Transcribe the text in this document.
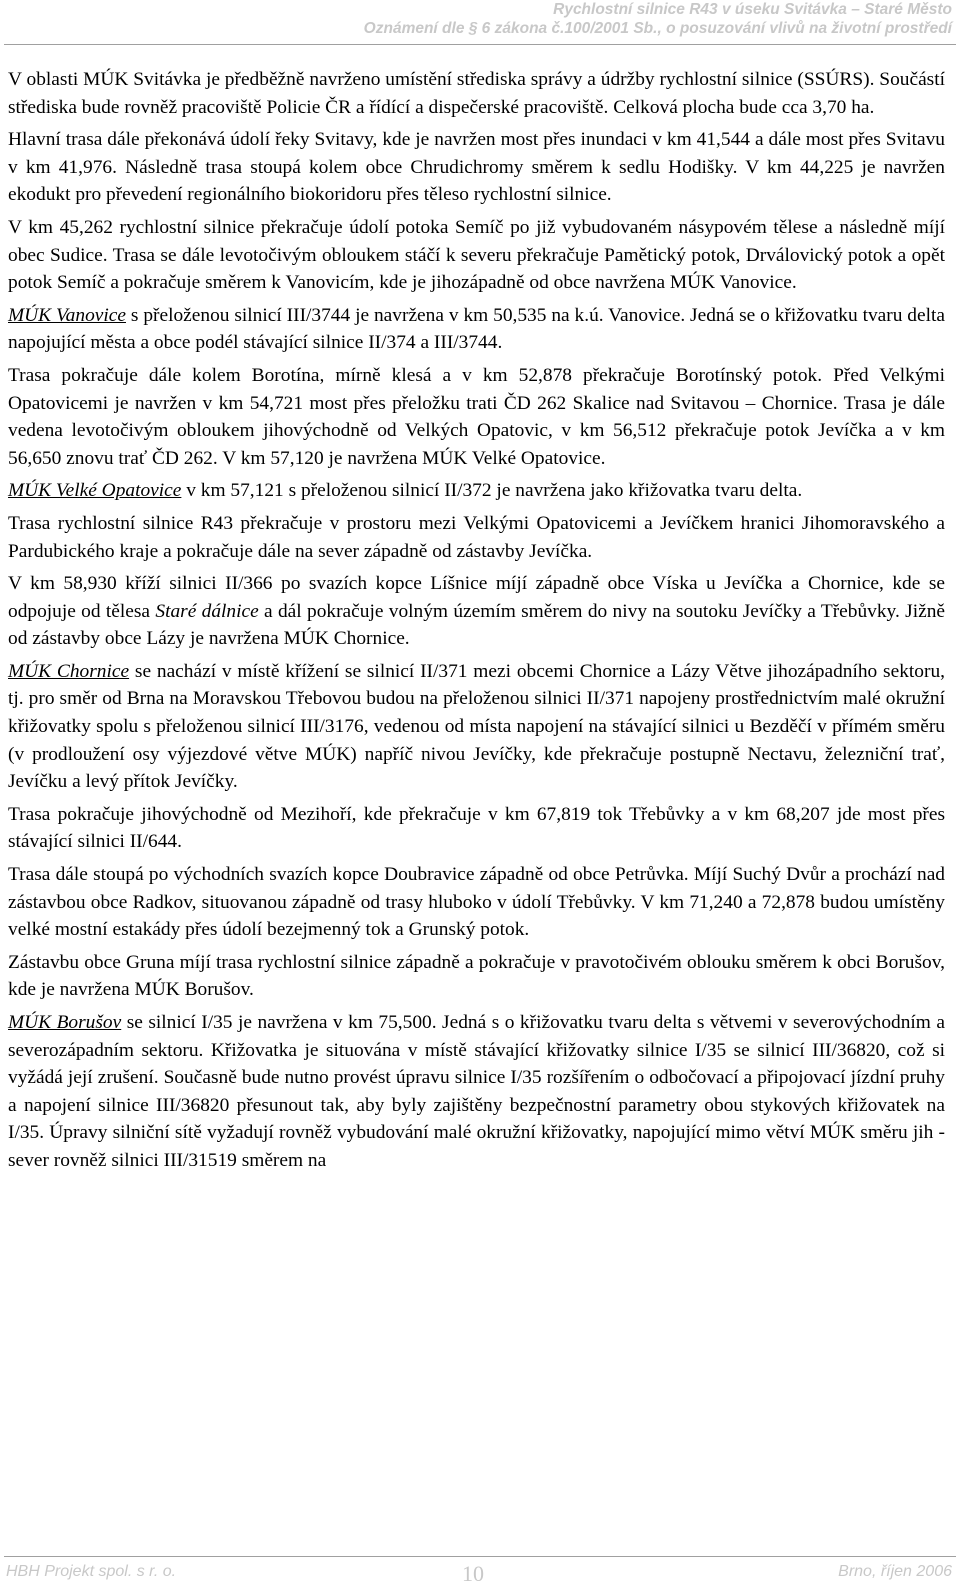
Rychlostní silnice R43 v úseku Svitávka – Staré Město
Oznámení dle § 6 zákona č.100/2001 Sb., o posuzování vlivů na životní prostředí

V oblasti MÚK Svitávka je předběžně navrženo umístění střediska správy a údržby rychlostní silnice (SSÚRS). Součástí střediska bude rovněž pracoviště Policie ČR a řídící a dispečerské pracoviště. Celková plocha bude cca 3,70 ha.

Hlavní trasa dále překonává údolí řeky Svitavy, kde je navržen most přes inundaci v km 41,544 a dále most přes Svitavu v km 41,976. Následně trasa stoupá kolem obce Chrudichromy směrem k sedlu Hodišky. V km 44,225 je navržen ekodukt pro převedení regionálního biokoridoru přes těleso rychlostní silnice.

V km 45,262 rychlostní silnice překračuje údolí potoka Semíč po již vybudovaném násypovém tělese a následně míjí obec Sudice. Trasa se dále levotočivým obloukem stáčí k severu překračuje Pamětický potok, Drválovický potok a opět potok Semíč a pokračuje směrem k Vanovicím, kde je jihozápadně od obce navržena MÚK Vanovice.

MÚK Vanovice s přeloženou silnicí III/3744 je navržena v km 50,535 na k.ú. Vanovice. Jedná se o křižovatku tvaru delta napojující města a obce podél stávající silnice II/374 a III/3744.

Trasa pokračuje dále kolem Borotína, mírně klesá a v km 52,878 překračuje Borotínský potok. Před Velkými Opatovicemi je navržen v km 54,721 most přes přeložku trati ČD 262 Skalice nad Svitavou – Chornice. Trasa je dále vedena levotočivým obloukem jihovýchodně od Velkých Opatovic, v km 56,512 překračuje potok Jevíčka a v km 56,650 znovu trať ČD 262. V km 57,120 je navržena MÚK Velké Opatovice.

MÚK Velké Opatovice v km 57,121 s přeloženou silnicí II/372 je navržena jako křižovatka tvaru delta.

Trasa rychlostní silnice R43 překračuje v prostoru mezi Velkými Opatovicemi a Jevíčkem hranici Jihomoravského a Pardubického kraje a pokračuje dále na sever západně od zástavby Jevíčka.

V km 58,930 kříží silnici II/366 po svazích kopce Líšnice míjí západně obce Víska u Jevíčka a Chornice, kde se odpojuje od tělesa Staré dálnice a dál pokračuje volným územím směrem do nivy na soutoku Jevíčky a Třebůvky. Jižně od zástavby obce Lázy je navržena MÚK Chornice.

MÚK Chornice se nachází v místě křížení se silnicí II/371 mezi obcemi Chornice a Lázy Větve jihozápadního sektoru, tj. pro směr od Brna na Moravskou Třebovou budou na přeloženou silnici II/371 napojeny prostřednictvím malé okružní křižovatky spolu s přeloženou silnicí III/3176, vedenou od místa napojení na stávající silnici u Bezděčí v přímém směru (v prodloužení osy výjezdové větve MÚK) napříč nivou Jevíčky, kde překračuje postupně Nectavu, železniční trať, Jevíčku a levý přítok Jevíčky.

Trasa pokračuje jihovýchodně od Mezihoří, kde překračuje v km 67,819 tok Třebůvky a v km 68,207 jde most přes stávající silnici II/644.

Trasa dále stoupá po východních svazích kopce Doubravice západně od obce Petrůvka. Míjí Suchý Dvůr a prochází nad zástavbou obce Radkov, situovanou západně od trasy hluboko v údolí Třebůvky. V km 71,240 a 72,878 budou umístěny velké mostní estakády přes údolí bezejmenný tok a Grunský potok.

Zástavbu obce Gruna míjí trasa rychlostní silnice západně a pokračuje v pravotočivém oblouku směrem k obci Borušov, kde je navržena MÚK Borušov.

MÚK Borušov se silnicí I/35 je navržena v km 75,500. Jedná s o křižovatku tvaru delta s větvemi v severovýchodním a severozápadním sektoru. Křižovatka je situována v místě stávající křižovatky silnice I/35 se silnicí III/36820, což si vyžádá její zrušení. Současně bude nutno provést úpravu silnice I/35 rozšířením o odbočovací a připojovací jízdní pruhy a napojení silnice III/36820 přesunout tak, aby byly zajištěny bezpečnostní parametry obou stykových křižovatek na I/35. Úpravy silniční sítě vyžadují rovněž vybudování malé okružní křižovatky, napojující mimo větví MÚK směru jih - sever rovněž silnici III/31519 směrem na

HBH Projekt spol. s r. o.	10	Brno, říjen 2006
